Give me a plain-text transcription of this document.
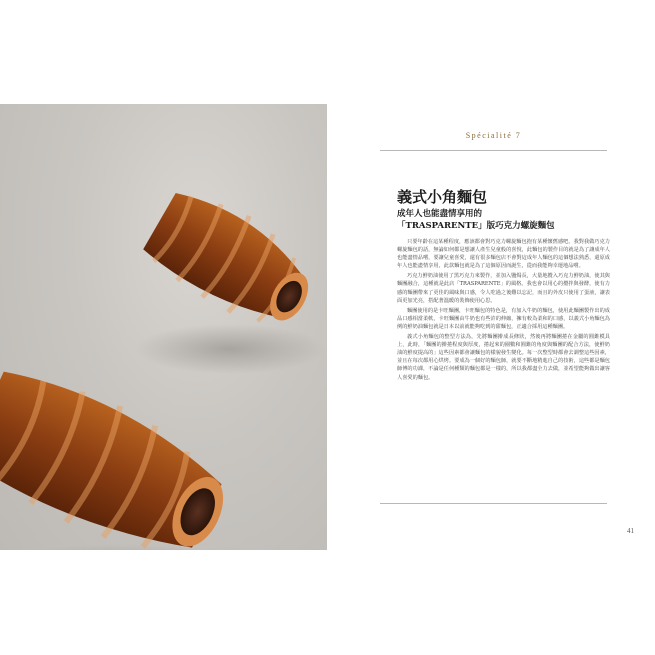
Spécialité 7
義式小角麵包
成年人也能盡情享用的
「TRASPARENTE」版巧克力螺旋麵包

只要年齡在這某種程度，應該都會對巧克力螺旋麵包抱有某種懷舊感吧。我對我做巧克力螺旋麵包的話，無論如何都是想讓人產生兒童般的喜悅，此麵包的製作目的就是為了讓成年人也能盡情品嚐，要讓兒童喜愛，還有很多麵包店不會對這成年人麵包的這個想法熟悉，還原成年人也能盡情享用，此款麵包就是為了這個原因而誕生，從而我能夠幸運地品嚐。

巧克力鮮奶油使用了黑巧克力來製作，並加入鹽焗長，大量地攪入巧克力鮮奶油，使其與麵團融合，這種就是此店「TRASPARENTE」的風格。我也會以用心的攪拌與發酵，使有力感的麵團帶來了更佳的風味與口感，令人吃過之後難以忘記，而且的外皮只使用了蛋液，讓表面更加光亮，搭配著溫暖的裝飾使用心思。

麵團使用的是卡旺麵團，卡旺麵包的特色是，有加入牛奶的麵包，使用此麵團製作出的成品口感相當柔軟，卡旺麵團由牛奶也有些許的伸縮，擁有較為柔和的口感，以義式小角麵包為例的鮮奶油麵包就是日本以前就能夠吃到的甜麵包，正適合採用這種麵團。

義式小角麵包的整型方法為，先將麵團擀成長條狀，然後再將麵團捲在金屬的圓錐模具上，此時，「麵團的擀捲程度與厚度，捲起來的圈數和圓錐的角度與麵團的配合方法，使鮮奶油的鮮度提高的」這些因素都會讓麵包的樣貌發生變化。每一次整型時都會去調整這些因素，並且在每次都用心烘烤。要成為一個好的麵包師，就要不斷地精進自己的技術，這些都是麵包師傅的功課，不論是任何種類的麵包都是一樣的，所以我都盡全力去做，並希望能夠做出讓客人喜愛的麵包。

41
